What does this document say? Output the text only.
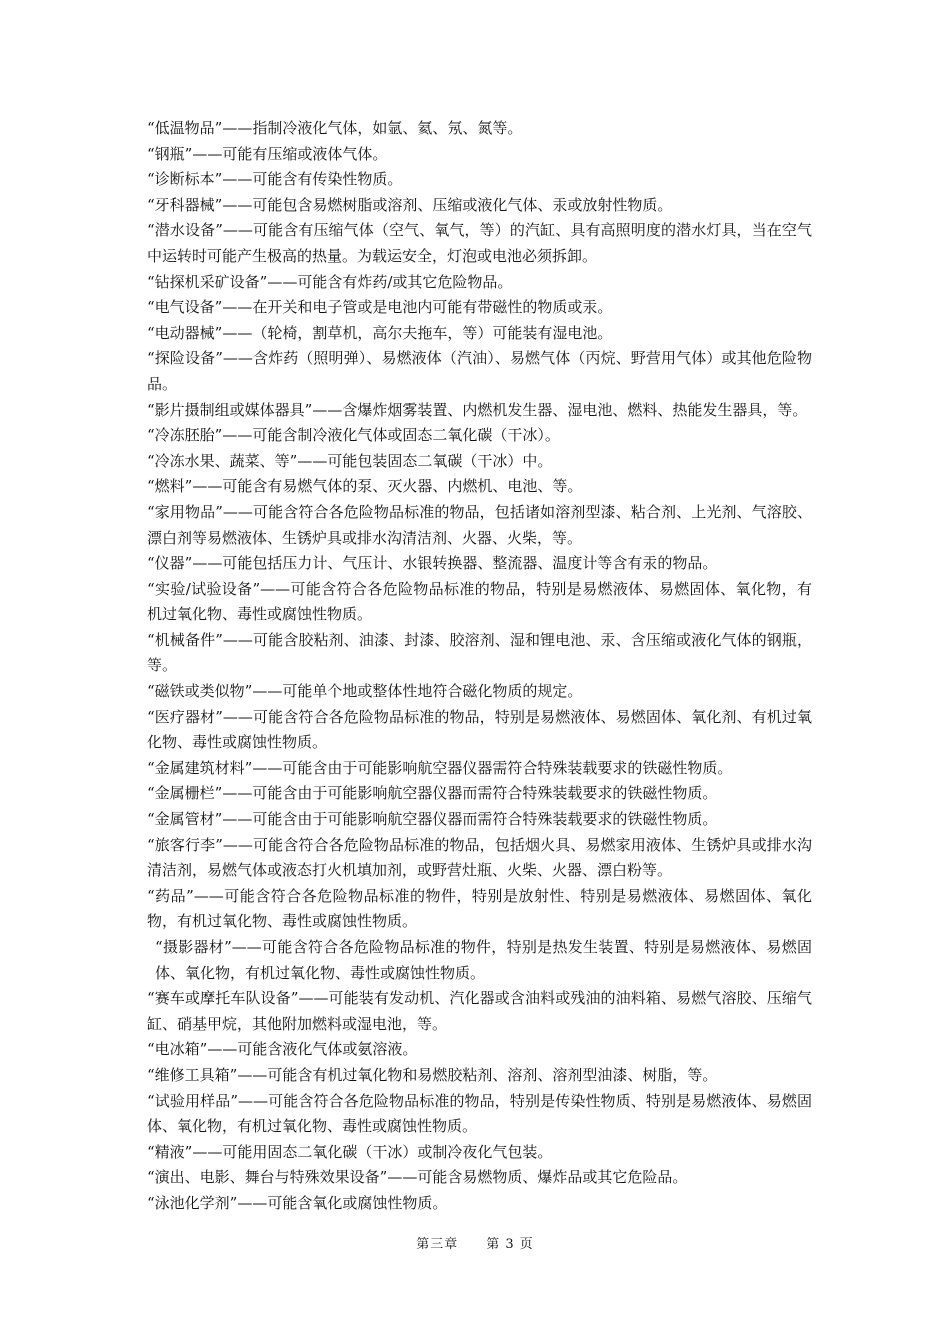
“低温物品”——指制冷液化气体，如氩、氦、氖、氮等。

“钢瓶”——可能有压缩或液体气体。

“诊断标本”——可能含有传染性物质。

“牙科器械”——可能包含易燃树脂或溶剂、压缩或液化气体、汞或放射性物质。

“潜水设备”——可能含有压缩气体（空气、氧气，等）的汽缸、具有高照明度的潜水灯具，当在空气中运转时可能产生极高的热量。为载运安全，灯泡或电池必须拆卸。

“钻探机采矿设备”——可能含有炸药/或其它危险物品。

“电气设备”——在开关和电子管或是电池内可能有带磁性的物质或汞。

“电动器械”——（轮椅，割草机，高尔夫拖车，等）可能装有湿电池。

“探险设备”——含炸药（照明弹）、易燃液体（汽油）、易燃气体（丙烷、野营用气体）或其他危险物品。

“影片摄制组或媒体器具”——含爆炸烟雾装置、内燃机发生器、湿电池、燃料、热能发生器具，等。

“冷冻胚胎”——可能含制冷液化气体或固态二氧化碳（干冰）。

“冷冻水果、蔬菜、等”——可能包装固态二氧碳（干冰）中。

“燃料”——可能含有易燃气体的泵、灭火器、内燃机、电池、等。

“家用物品”——可能含符合各危险物品标准的物品，包括诸如溶剂型漆、粘合剂、上光剂、气溶胶、漂白剂等易燃液体、生锈炉具或排水沟清洁剂、火器、火柴，等。

“仪器”——可能包括压力计、气压计、水银转换器、整流器、温度计等含有汞的物品。

“实验/试验设备”——可能含符合各危险物品标准的物品，特别是易燃液体、易燃固体、氧化物，有机过氧化物、毒性或腐蚀性物质。

“机械备件”——可能含胶粘剂、油漆、封漆、胶溶剂、湿和锂电池、汞、含压缩或液化气体的钢瓶，等。

“磁铁或类似物”——可能单个地或整体性地符合磁化物质的规定。

“医疗器材”——可能含符合各危险物品标准的物品，特别是易燃液体、易燃固体、氧化剂、有机过氧化物、毒性或腐蚀性物质。

“金属建筑材料”——可能含由于可能影响航空器仪器需符合特殊装载要求的铁磁性物质。

“金属栅栏”——可能含由于可能影响航空器仪器而需符合特殊装载要求的铁磁性物质。

“金属管材”——可能含由于可能影响航空器仪器而需符合特殊装载要求的铁磁性物质。

“旅客行李”——可能含符合各危险物品标准的物品，包括烟火具、易燃家用液体、生锈炉具或排水沟清洁剂，易燃气体或液态打火机填加剂，或野营灶瓶、火柴、火器、漂白粉等。

“药品”——可能含符合各危险物品标准的物件，特别是放射性、特别是易燃液体、易燃固体、氧化物，有机过氧化物、毒性或腐蚀性物质。

“摄影器材”——可能含符合各危险物品标准的物件，特别是热发生装置、特别是易燃液体、易燃固体、氧化物，有机过氧化物、毒性或腐蚀性物质。

“赛车或摩托车队设备”——可能装有发动机、汽化器或含油料或残油的油料箱、易燃气溶胶、压缩气缸、硝基甲烷，其他附加燃料或湿电池，等。

“电冰箱”——可能含液化气体或氨溶液。

“维修工具箱”——可能含有机过氧化物和易燃胶粘剂、溶剂、溶剂型油漆、树脂，等。

“试验用样品”——可能含符合各危险物品标准的物品，特别是传染性物质、特别是易燃液体、易燃固体、氧化物，有机过氧化物、毒性或腐蚀性物质。

“精液”——可能用固态二氧化碳（干冰）或制冷夜化气包装。

“演出、电影、舞台与特殊效果设备”——可能含易燃物质、爆炸品或其它危险品。

“泳池化学剂”——可能含氧化或腐蚀性物质。

第三章 第 3 页
